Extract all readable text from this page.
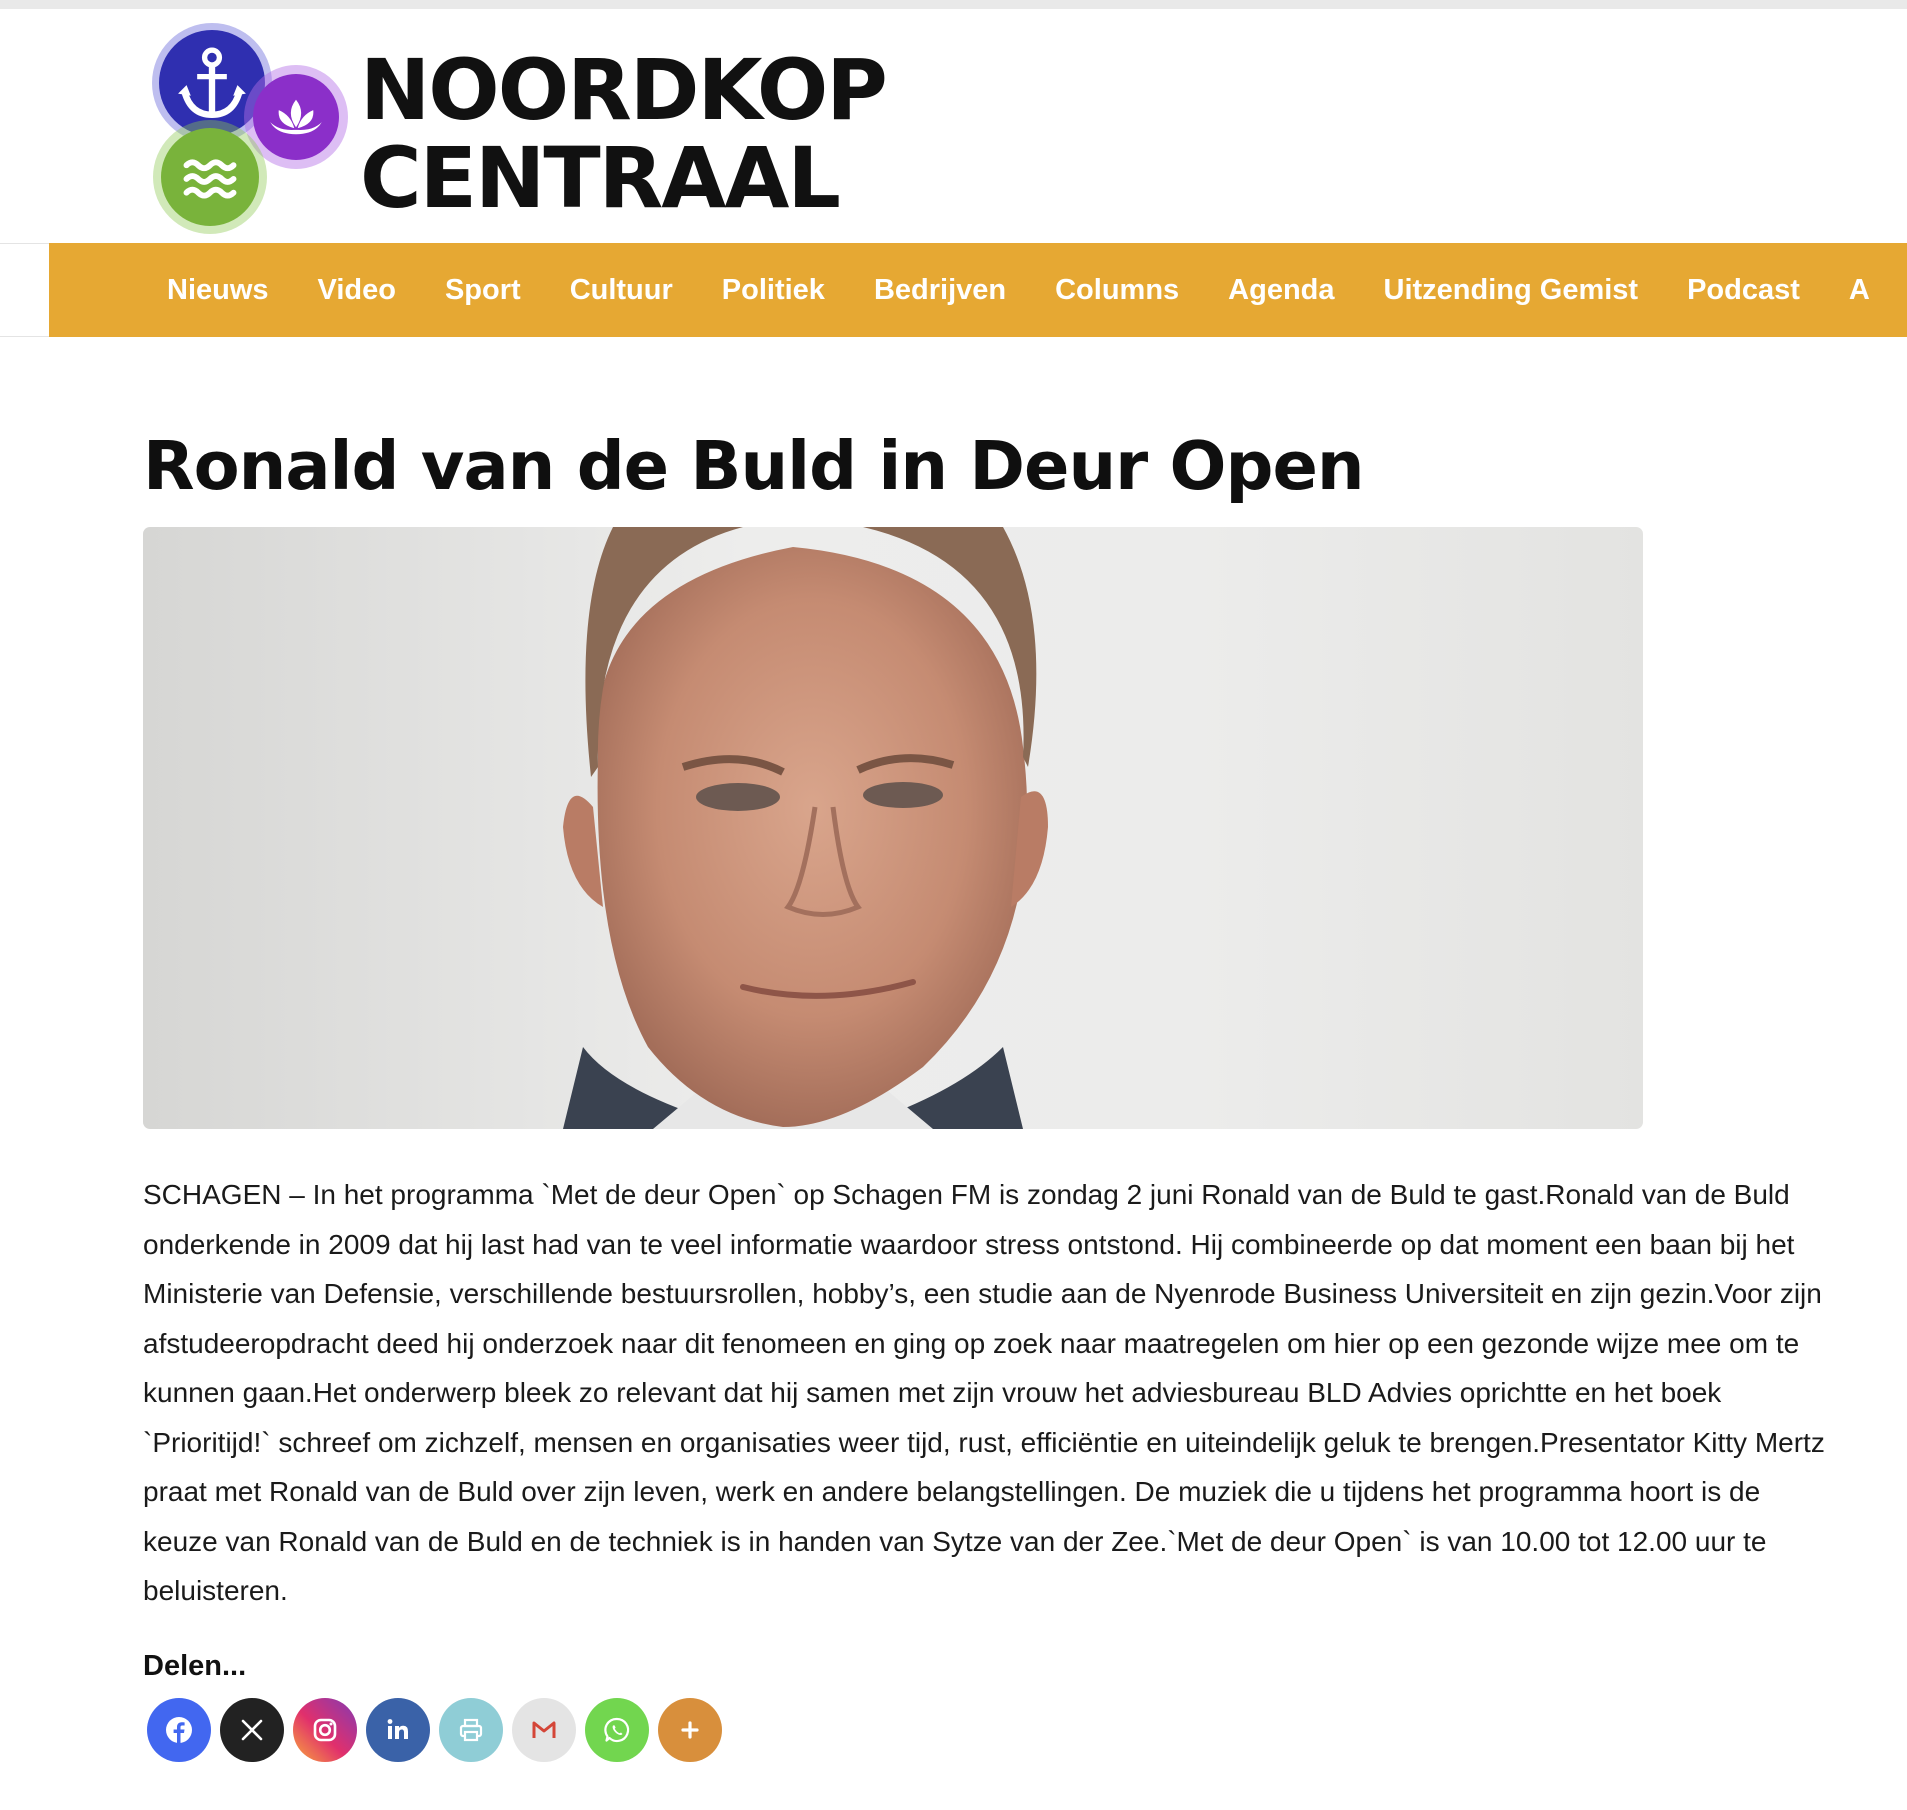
NOORDKOP
CENTRAAL
Nieuws Video Sport Cultuur Politiek Bedrijven Columns Agenda Uitzending Gemist Podcast A
Ronald van de Buld in Deur Open

SCHAGEN – In het programma `Met de deur Open` op Schagen FM is zondag 2 juni Ronald van de Buld te gast.Ronald van de Buld onderkende in 2009 dat hij last had van te veel informatie waardoor stress ontstond. Hij combineerde op dat moment een baan bij het Ministerie van Defensie, verschillende bestuursrollen, hobby’s, een studie aan de Nyenrode Business Universiteit en zijn gezin.Voor zijn afstudeeropdracht deed hij onderzoek naar dit fenomeen en ging op zoek naar maatregelen om hier op een gezonde wijze mee om te kunnen gaan.Het onderwerp bleek zo relevant dat hij samen met zijn vrouw het adviesbureau BLD Advies oprichtte en het boek `Prioritijd!` schreef om zichzelf, mensen en organisaties weer tijd, rust, efficiëntie en uiteindelijk geluk te brengen.Presentator Kitty Mertz praat met Ronald van de Buld over zijn leven, werk en andere belangstellingen. De muziek die u tijdens het programma hoort is de keuze van Ronald van de Buld en de techniek is in handen van Sytze van der Zee.`Met de deur Open` is van 10.00 tot 12.00 uur te beluisteren.

Delen...
